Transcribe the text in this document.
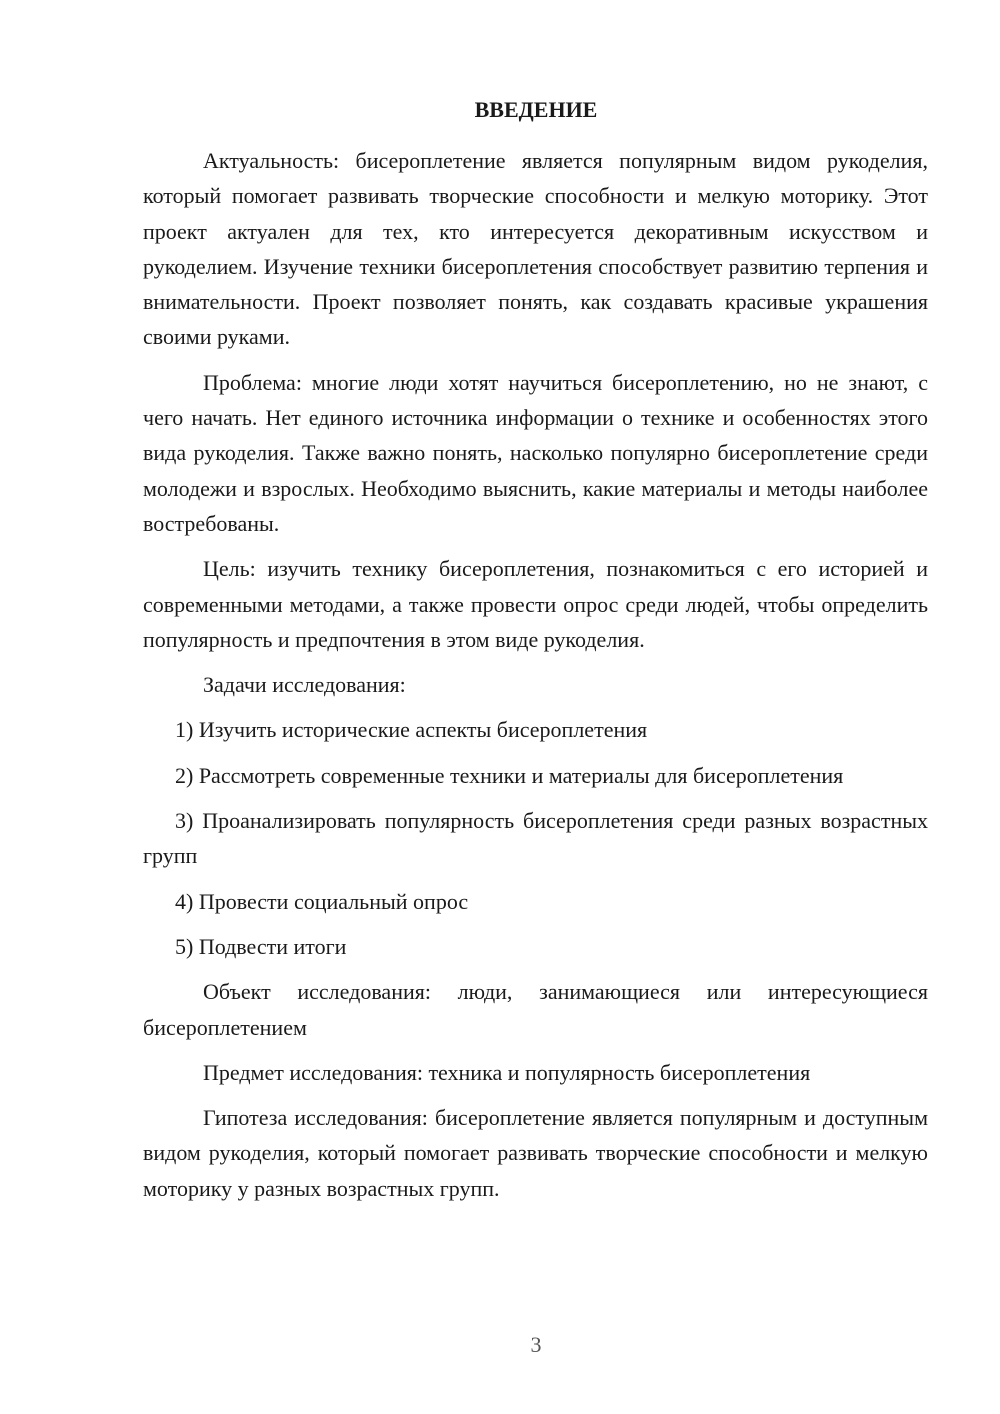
ВВЕДЕНИЕ

Актуальность: бисероплетение является популярным видом рукоделия, который помогает развивать творческие способности и мелкую моторику. Этот проект актуален для тех, кто интересуется декоративным искусством и рукоделием. Изучение техники бисероплетения способствует развитию терпения и внимательности. Проект позволяет понять, как создавать красивые украшения своими руками.

Проблема: многие люди хотят научиться бисероплетению, но не знают, с чего начать. Нет единого источника информации о технике и особенностях этого вида рукоделия. Также важно понять, насколько популярно бисероплетение среди молодежи и взрослых. Необходимо выяснить, какие материалы и методы наиболее востребованы.

Цель: изучить технику бисероплетения, познакомиться с его историей и современными методами, а также провести опрос среди людей, чтобы определить популярность и предпочтения в этом виде рукоделия.

Задачи исследования:

1) Изучить исторические аспекты бисероплетения

2) Рассмотреть современные техники и материалы для бисероплетения

3) Проанализировать популярность бисероплетения среди разных возрастных групп

4) Провести социальный опрос

5) Подвести итоги

Объект исследования: люди, занимающиеся или интересующиеся бисероплетением

Предмет исследования: техника и популярность бисероплетения

Гипотеза исследования: бисероплетение является популярным и доступным видом рукоделия, который помогает развивать творческие способности и мелкую моторику у разных возрастных групп.

3
